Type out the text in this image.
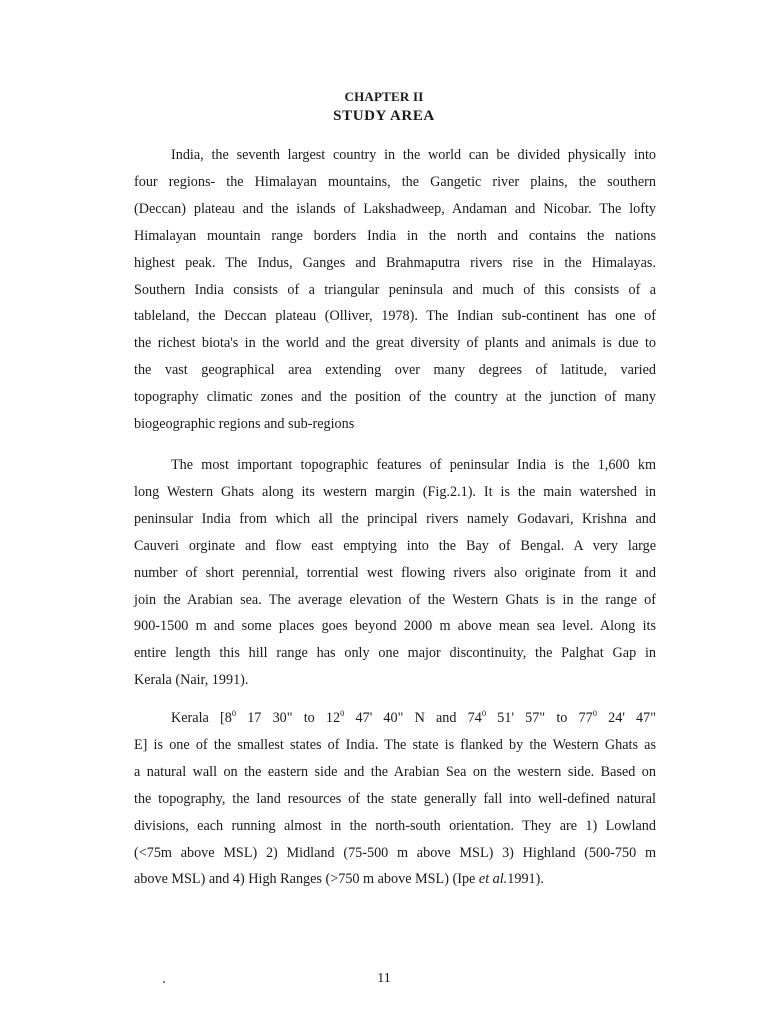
CHAPTER II
STUDY AREA

India, the seventh largest country in the world can be divided physically into
four regions- the Himalayan mountains, the Gangetic river plains, the southern
(Deccan) plateau and the islands of Lakshadweep, Andaman and Nicobar. The lofty
Himalayan mountain range borders India in the north and contains the nations
highest peak. The Indus, Ganges and Brahmaputra rivers rise in the Himalayas.
Southern India consists of a triangular peninsula and much of this consists of a
tableland, the Deccan plateau (Olliver, 1978). The Indian sub-continent has one of
the richest biota's in the world and the great diversity of plants and animals is due to
the vast geographical area extending over many degrees of latitude, varied
topography climatic zones and the position of the country at the junction of many
biogeographic regions and sub-regions

The most important topographic features of peninsular India is the 1,600 km
long Western Ghats along its western margin (Fig.2.1). It is the main watershed in
peninsular India from which all the principal rivers namely Godavari, Krishna and
Cauveri orginate and flow east emptying into the Bay of Bengal. A very large
number of short perennial, torrential west flowing rivers also originate from it and
join the Arabian sea. The average elevation of the Western Ghats is in the range of
900-1500 m and some places goes beyond 2000 m above mean sea level. Along its
entire length this hill range has only one major discontinuity, the Palghat Gap in
Kerala (Nair, 1991).

Kerala [$8^0$ 17 30" to $12^0$ 47' 40" N and $74^0$ 51' 57" to $77^0$ 24' 47"
E] is one of the smallest states of India. The state is flanked by the Western Ghats as
a natural wall on the eastern side and the Arabian Sea on the western side. Based on
the topography, the land resources of the state generally fall into well-defined natural
divisions, each running almost in the north-south orientation. They are 1) Lowland
(<75m above MSL) 2) Midland (75-500 m above MSL) 3) Highland (500-750 m
above MSL) and 4) High Ranges (>750 m above MSL) (Ipe et al.1991).

11
